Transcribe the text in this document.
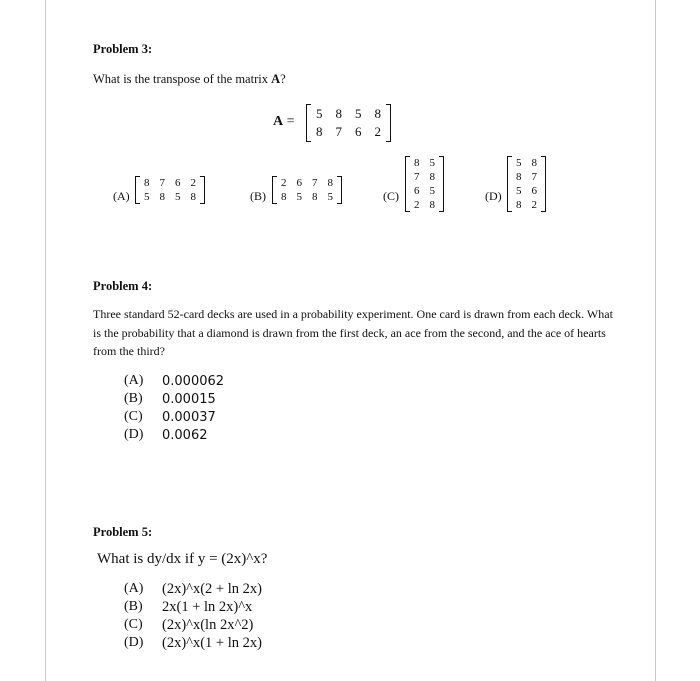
Problem 3:
What is the transpose of the matrix A?
A =
5 8 5 8
8 7 6 2
(A)
8 7 6 2
5 8 5 8	(B)
2 6 7 8
8 5 8 5	(C)
8 5
7 8
6 5
2 8
(D)
5 8
8 7
5 6
8 2
Problem 4:
Three standard 52-card decks are used in a probability experiment. One card is drawn from each deck. What is the probability that a diamond is drawn from the first deck, an ace from the second, and the ace of hearts from the third?
(A)	0.000062
(B)	0.00015
(C)	0.00037
(D)	0.0062
Problem 5:
What is dy/dx if y = (2x)^x?
(A)	(2x)^x(2 + ln 2x)
(B)	2x(1 + ln 2x)^x
(C)	(2x)^x(ln 2x^2)
(D)	(2x)^x(1 + ln 2x)
